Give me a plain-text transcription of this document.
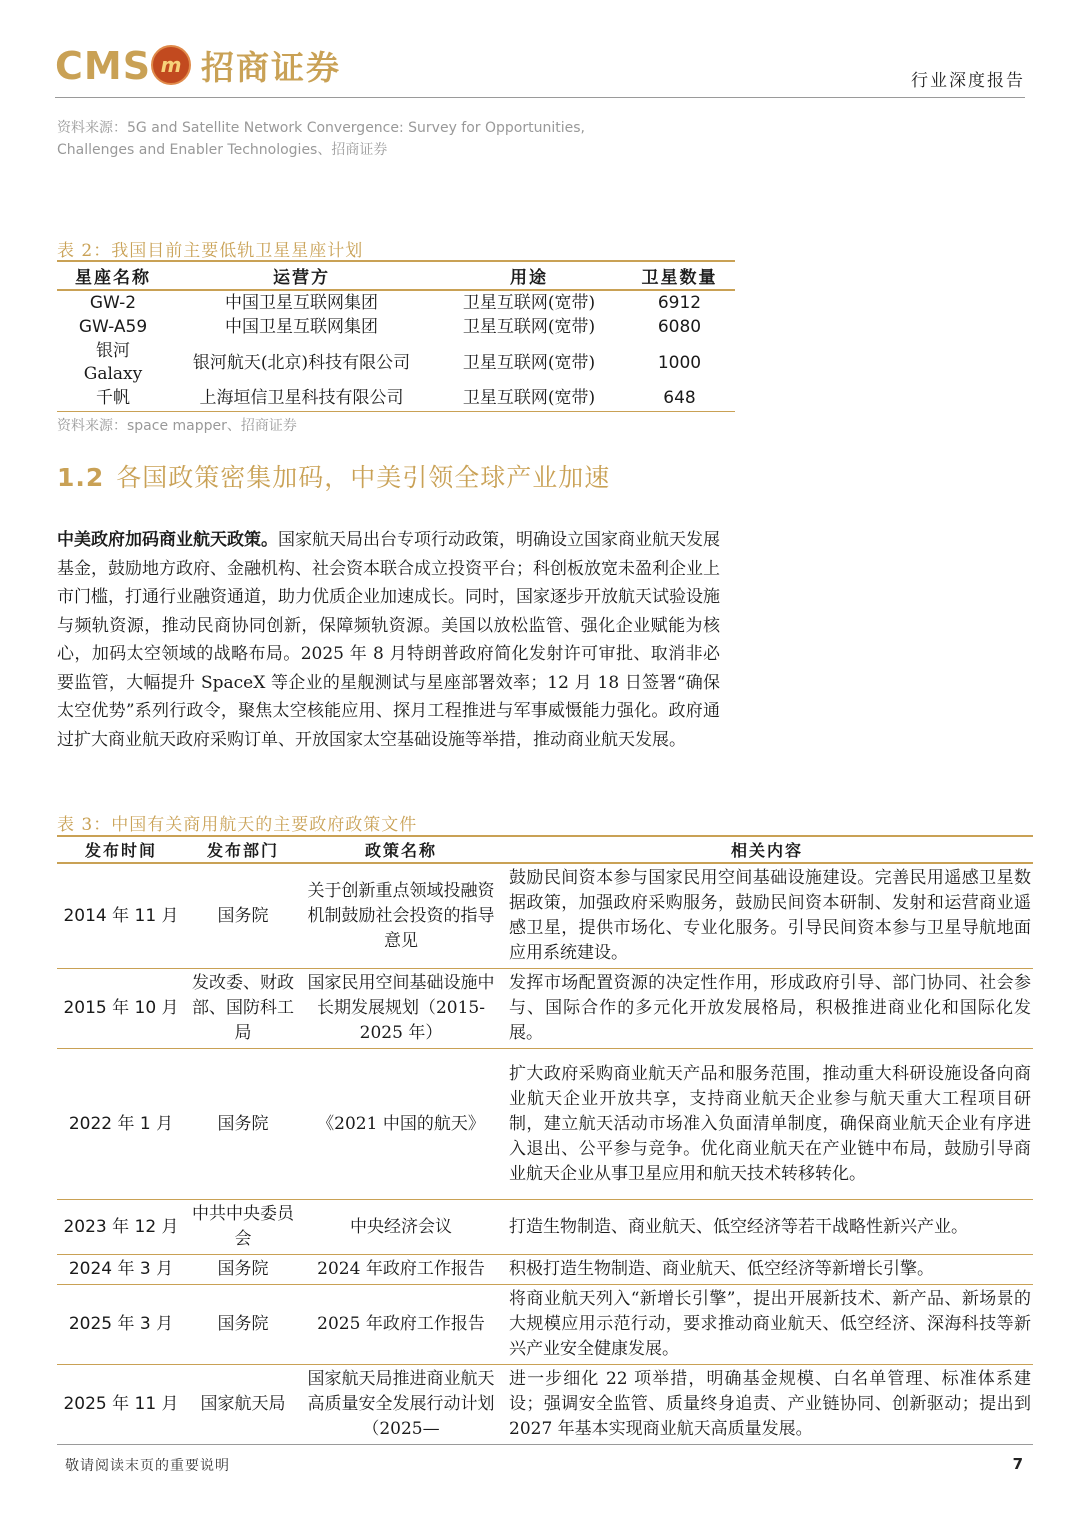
CMS m 招商证券	行业深度报告
资料来源：5G and Satellite Network Convergence: Survey for Opportunities, Challenges and Enabler Technologies、招商证券
表 2：我国目前主要低轨卫星星座计划
星座名称	运营方	用途	卫星数量
GW-2	中国卫星互联网集团	卫星互联网(宽带)	6912
GW-A59	中国卫星互联网集团	卫星互联网(宽带)	6080
银河 Galaxy	银河航天(北京)科技有限公司	卫星互联网(宽带)	1000
千帆	上海垣信卫星科技有限公司	卫星互联网(宽带)	648
资料来源：space mapper、招商证券
1.2 各国政策密集加码，中美引领全球产业加速
中美政府加码商业航天政策。国家航天局出台专项行动政策，明确设立国家商业航天发展基金，鼓励地方政府、金融机构、社会资本联合成立投资平台；科创板放宽未盈利企业上市门槛，打通行业融资通道，助力优质企业加速成长。同时，国家逐步开放航天试验设施与频轨资源，推动民商协同创新，保障频轨资源。美国以放松监管、强化企业赋能为核心，加码太空领域的战略布局。2025 年 8 月特朗普政府简化发射许可审批、取消非必要监管，大幅提升 SpaceX 等企业的星舰测试与星座部署效率；12 月 18 日签署“确保太空优势”系列行政令，聚焦太空核能应用、探月工程推进与军事威慑能力强化。政府通过扩大商业航天政府采购订单、开放国家太空基础设施等举措，推动商业航天发展。
表 3：中国有关商用航天的主要政府政策文件
发布时间	发布部门	政策名称	相关内容
2014 年 11 月	国务院	关于创新重点领域投融资机制鼓励社会投资的指导意见	鼓励民间资本参与国家民用空间基础设施建设。完善民用遥感卫星数据政策，加强政府采购服务，鼓励民间资本研制、发射和运营商业遥感卫星，提供市场化、专业化服务。引导民间资本参与卫星导航地面应用系统建设。
2015 年 10 月	发改委、财政部、国防科工局	国家民用空间基础设施中长期发展规划（2015-2025 年）	发挥市场配置资源的决定性作用，形成政府引导、部门协同、社会参与、国际合作的多元化开放发展格局，积极推进商业化和国际化发展。
2022 年 1 月	国务院	《2021 中国的航天》	扩大政府采购商业航天产品和服务范围，推动重大科研设施设备向商业航天企业开放共享，支持商业航天企业参与航天重大工程项目研制，建立航天活动市场准入负面清单制度，确保商业航天企业有序进入退出、公平参与竞争。优化商业航天在产业链中布局，鼓励引导商业航天企业从事卫星应用和航天技术转移转化。
2023 年 12 月	中共中央委员会	中央经济会议	打造生物制造、商业航天、低空经济等若干战略性新兴产业。
2024 年 3 月	国务院	2024 年政府工作报告	积极打造生物制造、商业航天、低空经济等新增长引擎。
2025 年 3 月	国务院	2025 年政府工作报告	将商业航天列入“新增长引擎”，提出开展新技术、新产品、新场景的大规模应用示范行动，要求推动商业航天、低空经济、深海科技等新兴产业安全健康发展。
2025 年 11 月	国家航天局	国家航天局推进商业航天高质量安全发展行动计划（2025—	进一步细化 22 项举措，明确基金规模、白名单管理、标准体系建设；强调安全监管、质量终身追责、产业链协同、创新驱动；提出到 2027 年基本实现商业航天高质量发展。
敬请阅读末页的重要说明	7
